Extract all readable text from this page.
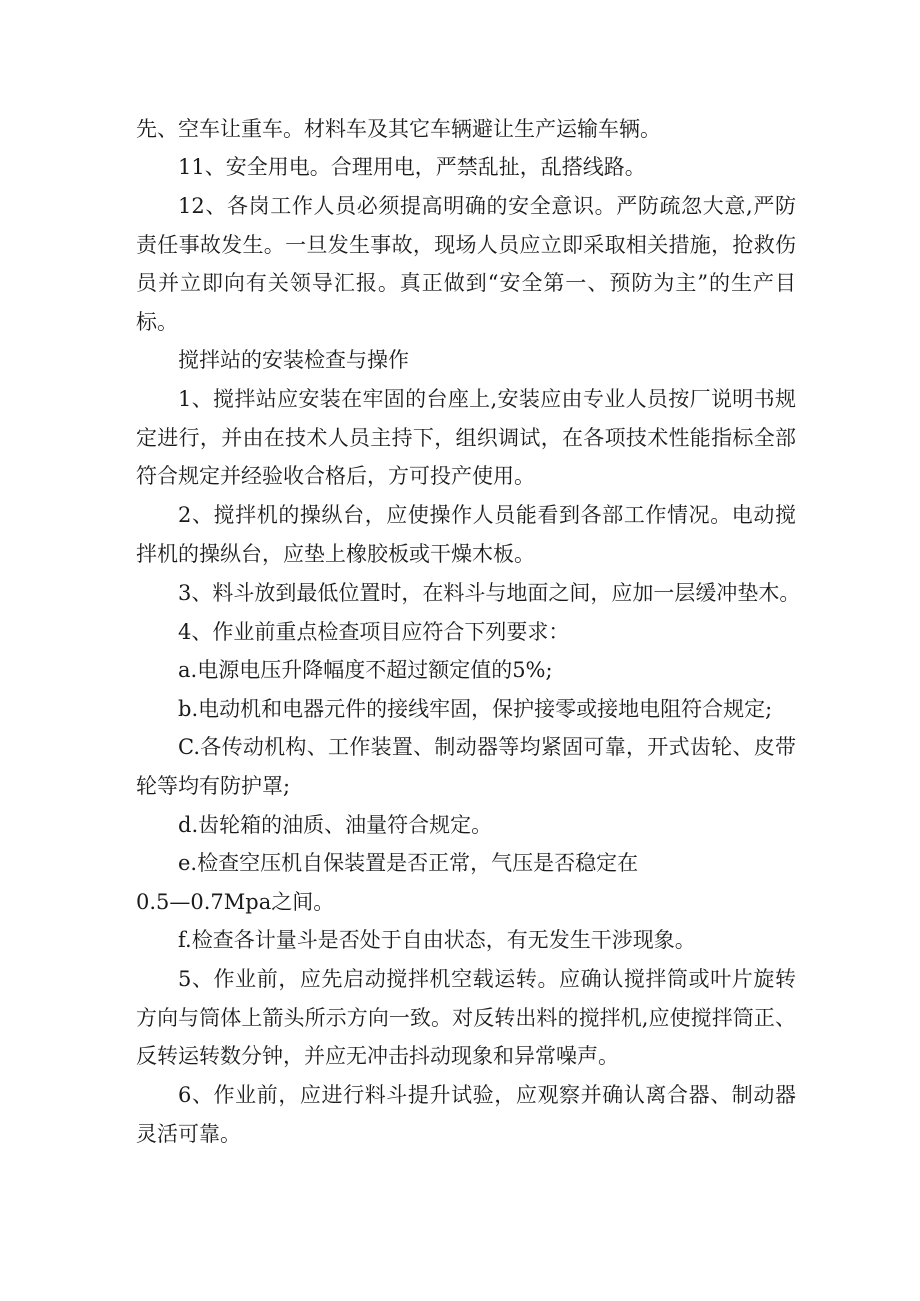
先、空车让重车。材料车及其它车辆避让生产运输车辆。

11、安全用电。合理用电，严禁乱扯，乱搭线路。

12、各岗工作人员必须提高明确的安全意识。严防疏忽大意,严防责任事故发生。一旦发生事故，现场人员应立即采取相关措施，抢救伤员并立即向有关领导汇报。真正做到“安全第一、预防为主”的生产目标。

搅拌站的安装检查与操作

1、搅拌站应安装在牢固的台座上,安装应由专业人员按厂说明书规定进行，并由在技术人员主持下，组织调试，在各项技术性能指标全部符合规定并经验收合格后，方可投产使用。

2、搅拌机的操纵台，应使操作人员能看到各部工作情况。电动搅拌机的操纵台，应垫上橡胶板或干燥木板。

3、料斗放到最低位置时，在料斗与地面之间，应加一层缓冲垫木。

4、作业前重点检查项目应符合下列要求：

a.电源电压升降幅度不超过额定值的5%;

b.电动机和电器元件的接线牢固，保护接零或接地电阻符合规定;

C.各传动机构、工作装置、制动器等均紧固可靠，开式齿轮、皮带轮等均有防护罩;

d.齿轮箱的油质、油量符合规定。

e.检查空压机自保装置是否正常，气压是否稳定在

0.5—0.7Mpa之间。

f.检查各计量斗是否处于自由状态，有无发生干涉现象。

5、作业前，应先启动搅拌机空载运转。应确认搅拌筒或叶片旋转方向与筒体上箭头所示方向一致。对反转出料的搅拌机,应使搅拌筒正、反转运转数分钟，并应无冲击抖动现象和异常噪声。

6、作业前，应进行料斗提升试验，应观察并确认离合器、制动器灵活可靠。
